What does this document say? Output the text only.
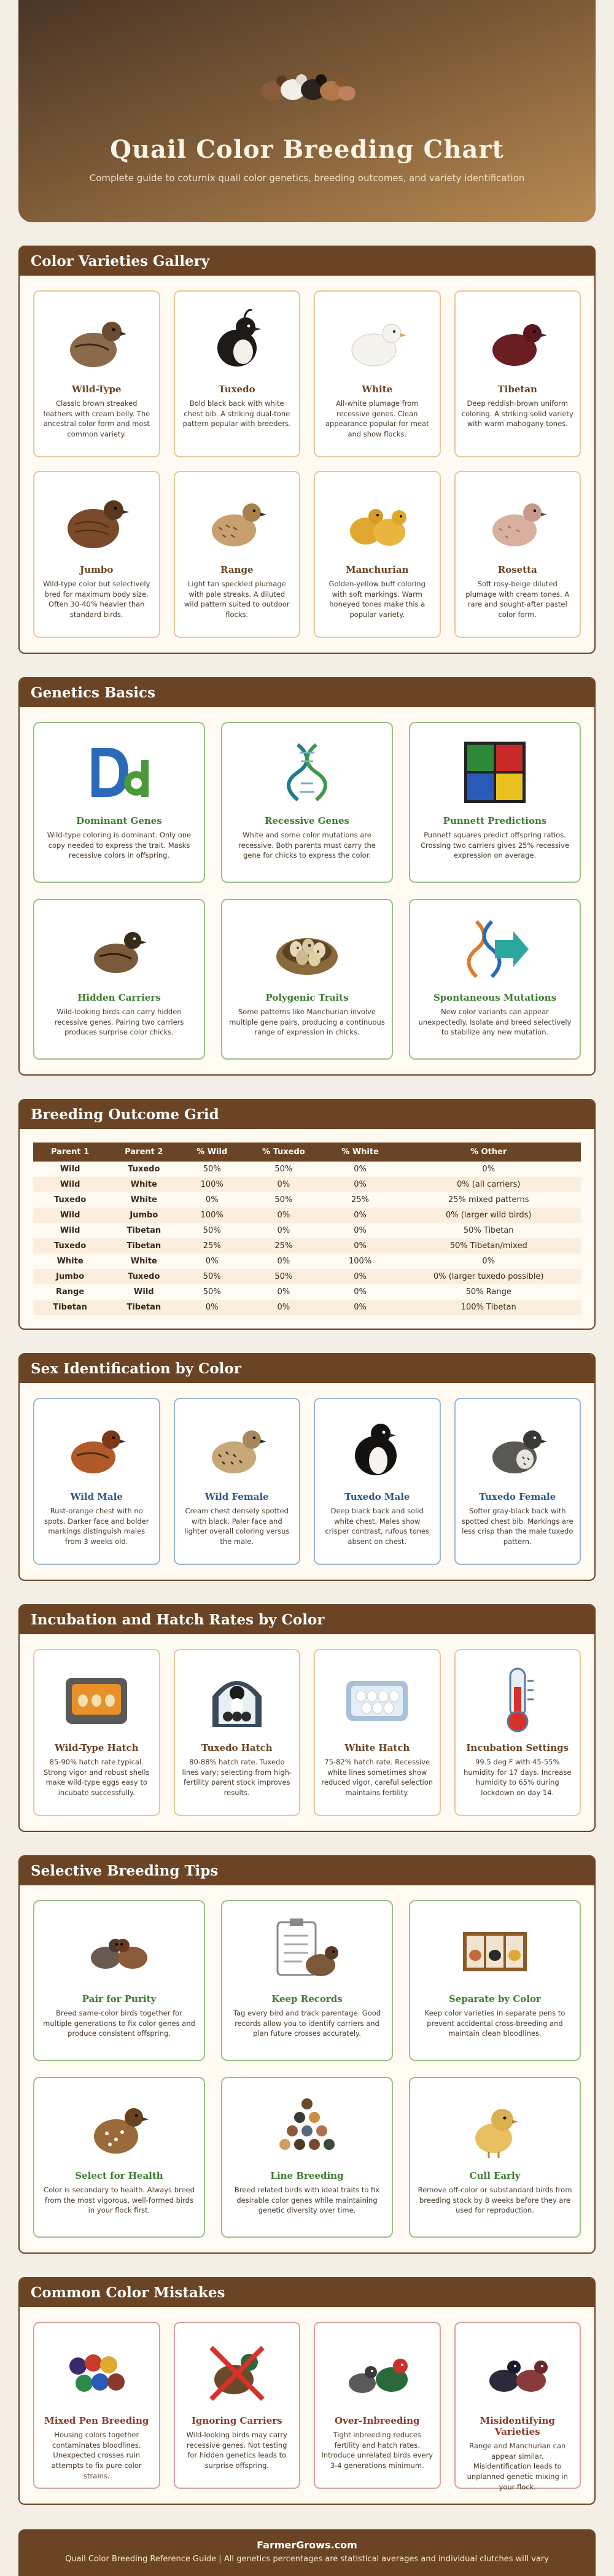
Quail Color Breeding Chart

Complete guide to coturnix quail color genetics, breeding outcomes, and variety identification

Color Varieties Gallery
Wild-Type

Classic brown streaked feathers with cream belly. The ancestral color form and most common variety.

Tuxedo

Bold black back with white chest bib. A striking dual-tone pattern popular with breeders.

White

All-white plumage from recessive genes. Clean appearance popular for meat and show flocks.

Tibetan

Deep reddish-brown uniform coloring. A striking solid variety with warm mahogany tones.

Jumbo

Wild-type color but selectively bred for maximum body size. Often 30-40% heavier than standard birds.

Range

Light tan speckled plumage with pale streaks. A diluted wild pattern suited to outdoor flocks.

Manchurian

Golden-yellow buff coloring with soft markings. Warm honeyed tones make this a popular variety.

Rosetta

Soft rosy-beige diluted plumage with cream tones. A rare and sought-after pastel color form.

Genetics Basics
Dominant Genes

Wild-type coloring is dominant. Only one copy needed to express the trait. Masks recessive colors in offspring.

Recessive Genes

White and some color mutations are recessive. Both parents must carry the gene for chicks to express the color.

Punnett Predictions

Punnett squares predict offspring ratios. Crossing two carriers gives 25% recessive expression on average.

Hidden Carriers

Wild-looking birds can carry hidden recessive genes. Pairing two carriers produces surprise color chicks.

Polygenic Traits

Some patterns like Manchurian involve multiple gene pairs, producing a continuous range of expression in chicks.

Spontaneous Mutations

New color variants can appear unexpectedly. Isolate and breed selectively to stabilize any new mutation.

Breeding Outcome Grid
Parent 1	Parent 2	% Wild	% Tuxedo	% White	% Other
Wild	Tuxedo	50%	50%	0%	0%
Wild	White	100%	0%	0%	0% (all carriers)
Tuxedo	White	0%	50%	25%	25% mixed patterns
Wild	Jumbo	100%	0%	0%	0% (larger wild birds)
Wild	Tibetan	50%	0%	0%	50% Tibetan
Tuxedo	Tibetan	25%	25%	0%	50% Tibetan/mixed
White	White	0%	0%	100%	0%
Jumbo	Tuxedo	50%	50%	0%	0% (larger tuxedo possible)
Range	Wild	50%	0%	0%	50% Range
Tibetan	Tibetan	0%	0%	0%	100% Tibetan
Sex Identification by Color
Wild Male

Rust-orange chest with no spots. Darker face and bolder markings distinguish males from 3 weeks old.

Wild Female

Cream chest densely spotted with black. Paler face and lighter overall coloring versus the male.

Tuxedo Male

Deep black back and solid white chest. Males show crisper contrast, rufous tones absent on chest.

Tuxedo Female

Softer gray-black back with spotted chest bib. Markings are less crisp than the male tuxedo pattern.

Incubation and Hatch Rates by Color
Wild-Type Hatch

85-90% hatch rate typical. Strong vigor and robust shells make wild-type eggs easy to incubate successfully.

Tuxedo Hatch

80-88% hatch rate. Tuxedo lines vary; selecting from high-fertility parent stock improves results.

White Hatch

75-82% hatch rate. Recessive white lines sometimes show reduced vigor, careful selection maintains fertility.

Incubation Settings

99.5 deg F with 45-55% humidity for 17 days. Increase humidity to 65% during lockdown on day 14.

Selective Breeding Tips
Pair for Purity

Breed same-color birds together for multiple generations to fix color genes and produce consistent offspring.

Keep Records

Tag every bird and track parentage. Good records allow you to identify carriers and plan future crosses accurately.

Separate by Color

Keep color varieties in separate pens to prevent accidental cross-breeding and maintain clean bloodlines.

Select for Health

Color is secondary to health. Always breed from the most vigorous, well-formed birds in your flock first.

Line Breeding

Breed related birds with ideal traits to fix desirable color genes while maintaining genetic diversity over time.

Cull Early

Remove off-color or substandard birds from breeding stock by 8 weeks before they are used for reproduction.

Common Color Mistakes
Mixed Pen Breeding

Housing colors together contaminates bloodlines. Unexpected crosses ruin attempts to fix pure color strains.

Ignoring Carriers

Wild-looking birds may carry recessive genes. Not testing for hidden genetics leads to surprise offspring.

Over-Inbreeding

Tight inbreeding reduces fertility and hatch rates. Introduce unrelated birds every 3-4 generations minimum.

Misidentifying Varieties

Range and Manchurian can appear similar. Misidentification leads to unplanned genetic mixing in your flock.

FarmerGrows.com
Quail Color Breeding Reference Guide | All genetics percentages are statistical averages and individual clutches will vary
